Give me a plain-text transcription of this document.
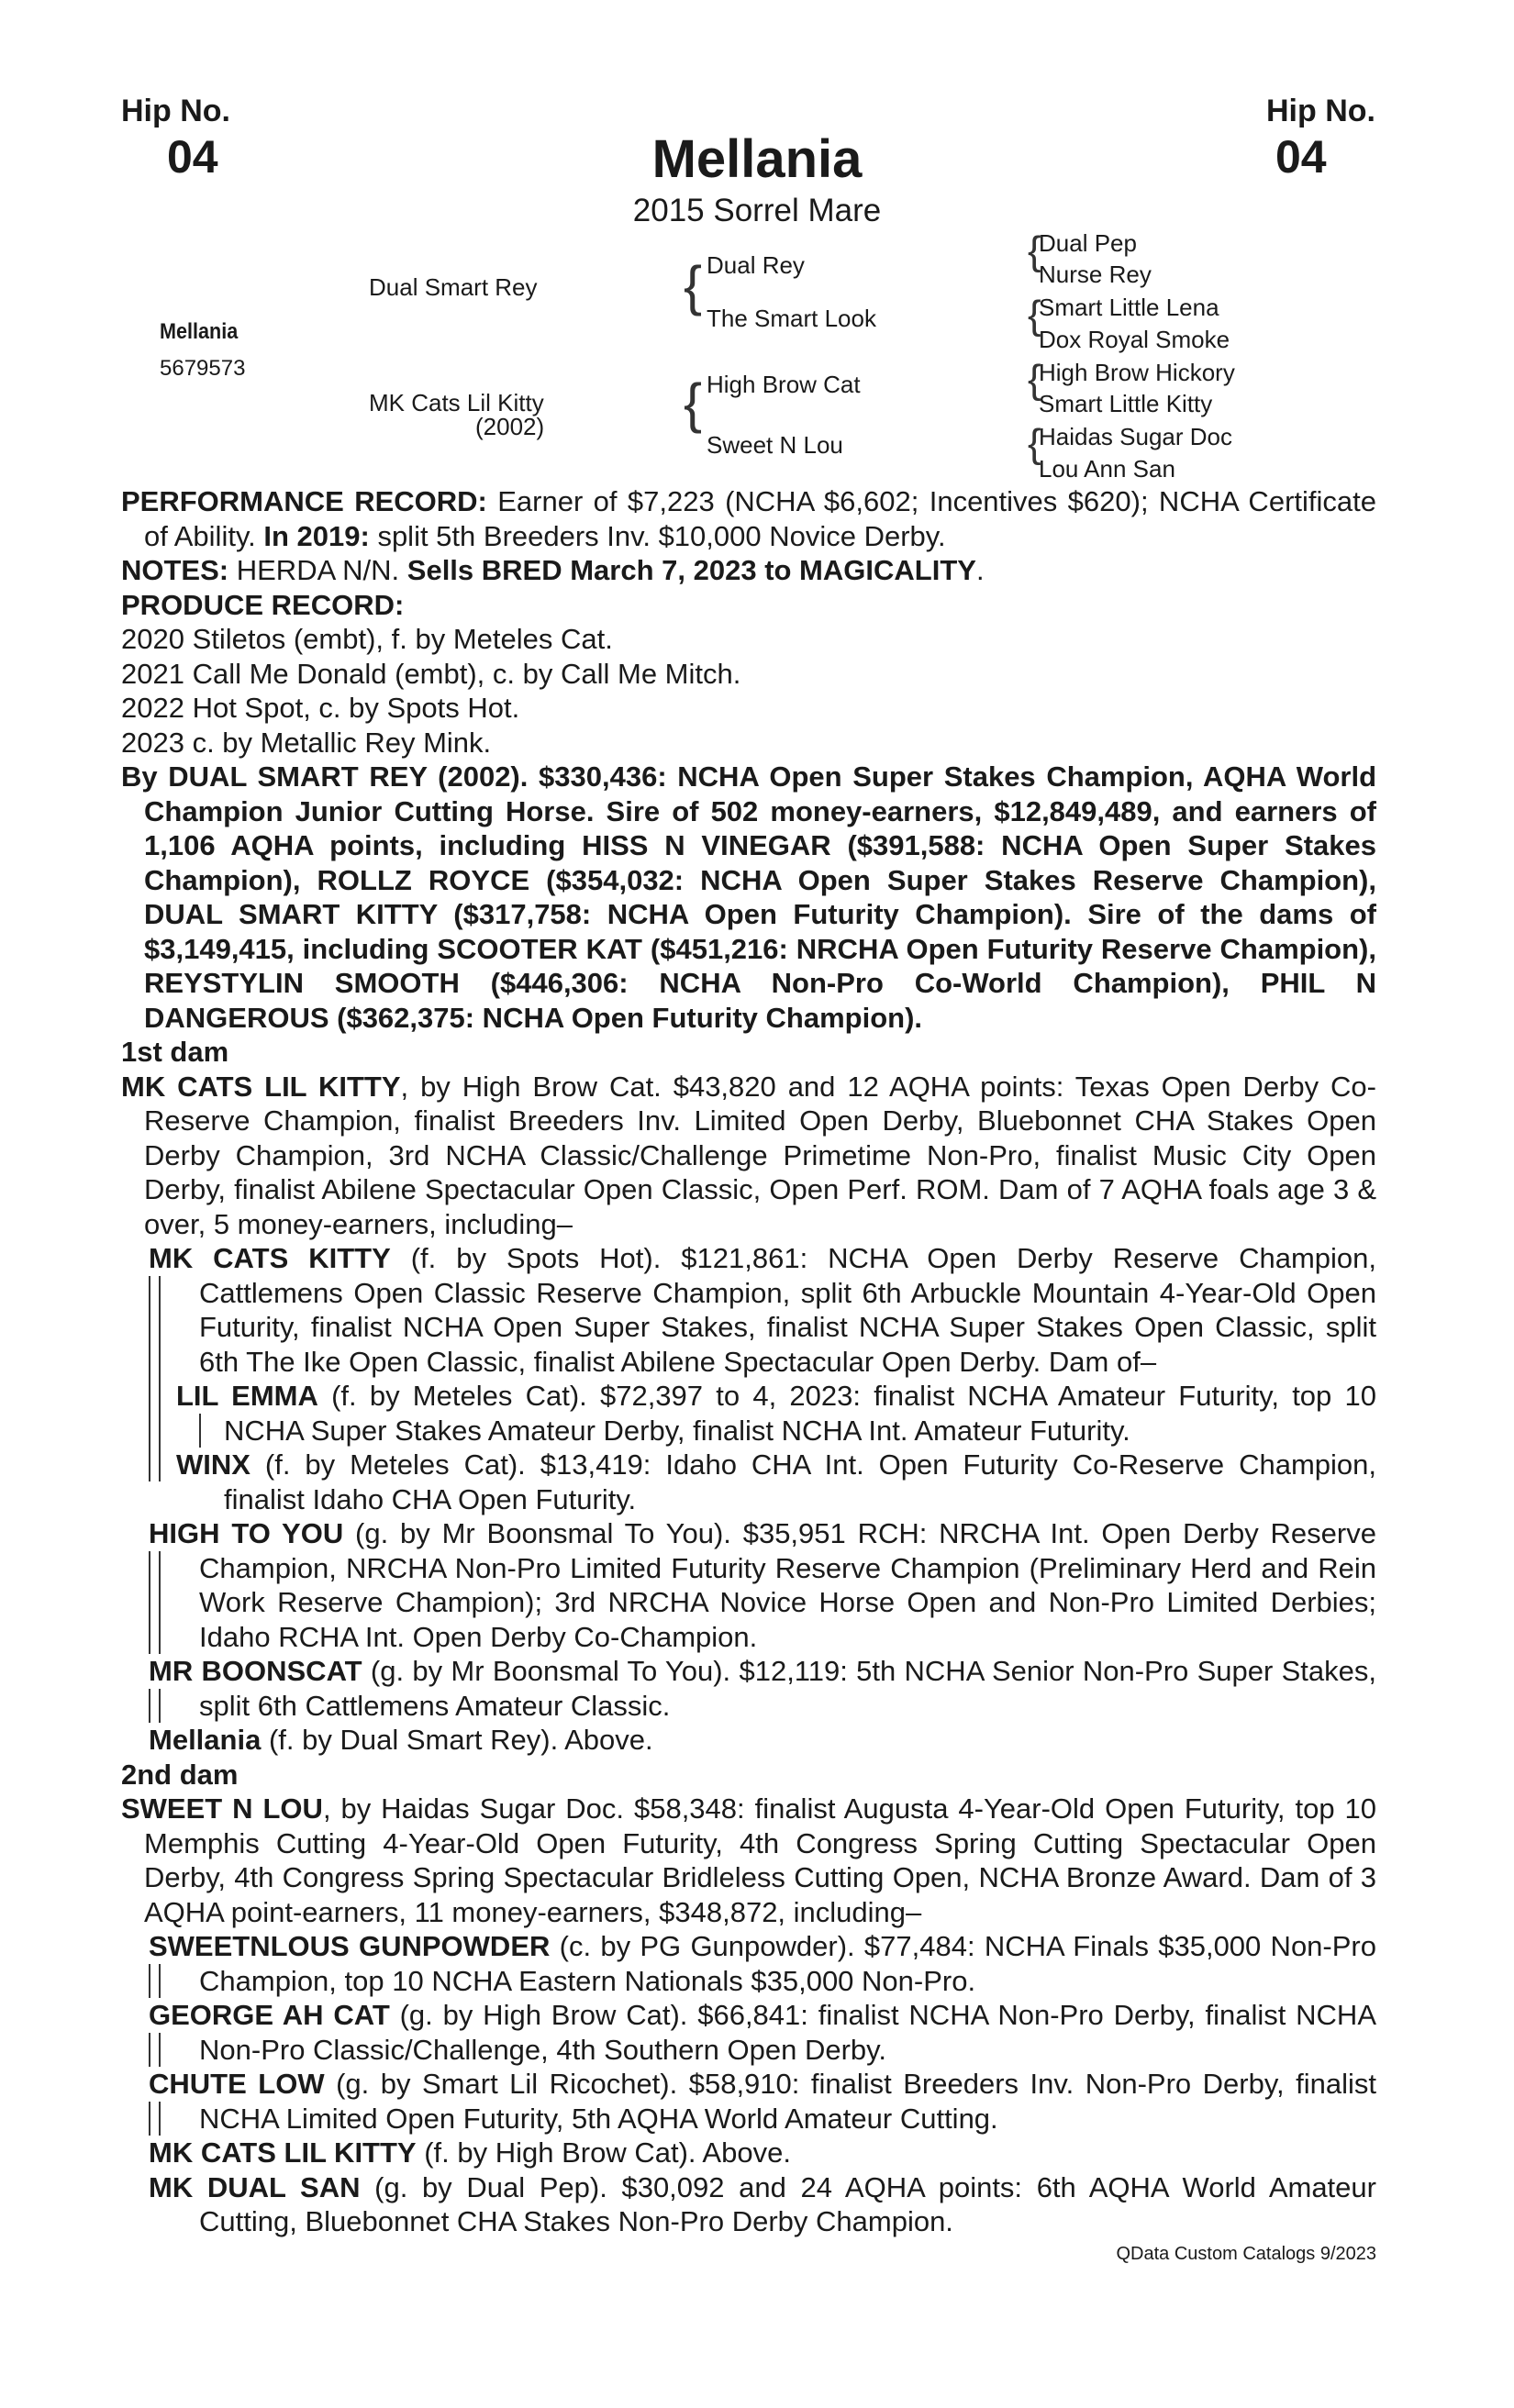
Hip No.
04
Hip No.
04
Mellania
2015 Sorrel Mare
Mellania
5679573
Dual Smart Rey
MK Cats Lil Kitty
(2002)
{ Dual Rey
The Smart Look
{ High Brow Cat
Sweet N Lou
{
Dual Pep
Nurse Rey
{
Smart Little Lena
Dox Royal Smoke
{
High Brow Hickory
Smart Little Kitty
{
Haidas Sugar Doc
Lou Ann San

PERFORMANCE RECORD: Earner of $7,223 (NCHA $6,602; Incentives $620); NCHA Certificate of Ability. In 2019: split 5th Breeders Inv. $10,000 Novice Derby.

NOTES: HERDA N/N. Sells BRED March 7, 2023 to MAGICALITY.

PRODUCE RECORD:

2020 Stiletos (embt), f. by Meteles Cat.

2021 Call Me Donald (embt), c. by Call Me Mitch.

2022 Hot Spot, c. by Spots Hot.

2023 c. by Metallic Rey Mink.

By DUAL SMART REY (2002). $330,436: NCHA Open Super Stakes Champion, AQHA World Champion Junior Cutting Horse. Sire of 502 money-earners, $12,849,489, and earners of 1,106 AQHA points, including HISS N VINEGAR ($391,588: NCHA Open Super Stakes Champion), ROLLZ ROYCE ($354,032: NCHA Open Super Stakes Reserve Champion), DUAL SMART KITTY ($317,758: NCHA Open Futurity Champion). Sire of the dams of $3,149,415, including SCOOTER KAT ($451,216: NRCHA Open Futurity Reserve Champion), REYSTYLIN SMOOTH ($446,306: NCHA Non-Pro Co-World Champion), PHIL N DANGEROUS ($362,375: NCHA Open Futurity Champion).

1st dam

MK CATS LIL KITTY, by High Brow Cat. $43,820 and 12 AQHA points: Texas Open Derby Co-Reserve Champion, finalist Breeders Inv. Limited Open Derby, Bluebonnet CHA Stakes Open Derby Champion, 3rd NCHA Classic/Challenge Primetime Non-Pro, finalist Music City Open Derby, finalist Abilene Spectacular Open Classic, Open Perf. ROM. Dam of 7 AQHA foals age 3 & over, 5 money-earners, including–

MK CATS KITTY (f. by Spots Hot). $121,861: NCHA Open Derby Reserve Champion, Cattlemens Open Classic Reserve Champion, split 6th Arbuckle Mountain 4-Year-Old Open Futurity, finalist NCHA Open Super Stakes, finalist NCHA Super Stakes Open Classic, split 6th The Ike Open Classic, finalist Abilene Spectacular Open Derby. Dam of–

LIL EMMA (f. by Meteles Cat). $72,397 to 4, 2023: finalist NCHA Amateur Futurity, top 10 NCHA Super Stakes Amateur Derby, finalist NCHA Int. Amateur Futurity.

WINX (f. by Meteles Cat). $13,419: Idaho CHA Int. Open Futurity Co-Reserve Champion, finalist Idaho CHA Open Futurity.

HIGH TO YOU (g. by Mr Boonsmal To You). $35,951 RCH: NRCHA Int. Open Derby Reserve Champion, NRCHA Non-Pro Limited Futurity Reserve Champion (Preliminary Herd and Rein Work Reserve Champion); 3rd NRCHA Novice Horse Open and Non-Pro Limited Derbies; Idaho RCHA Int. Open Derby Co-Champion.

MR BOONSCAT (g. by Mr Boonsmal To You). $12,119: 5th NCHA Senior Non-Pro Super Stakes, split 6th Cattlemens Amateur Classic.

Mellania (f. by Dual Smart Rey). Above.

2nd dam

SWEET N LOU, by Haidas Sugar Doc. $58,348: finalist Augusta 4-Year-Old Open Futurity, top 10 Memphis Cutting 4-Year-Old Open Futurity, 4th Congress Spring Cutting Spectacular Open Derby, 4th Congress Spring Spectacular Bridleless Cutting Open, NCHA Bronze Award. Dam of 3 AQHA point-earners, 11 money-earners, $348,872, including–

SWEETNLOUS GUNPOWDER (c. by PG Gunpowder). $77,484: NCHA Finals $35,000 Non-Pro Champion, top 10 NCHA Eastern Nationals $35,000 Non-Pro.

GEORGE AH CAT (g. by High Brow Cat). $66,841: finalist NCHA Non-Pro Derby, finalist NCHA Non-Pro Classic/Challenge, 4th Southern Open Derby.

CHUTE LOW (g. by Smart Lil Ricochet). $58,910: finalist Breeders Inv. Non-Pro Derby, finalist NCHA Limited Open Futurity, 5th AQHA World Amateur Cutting.

MK CATS LIL KITTY (f. by High Brow Cat). Above.

MK DUAL SAN (g. by Dual Pep). $30,092 and 24 AQHA points: 6th AQHA World Amateur Cutting, Bluebonnet CHA Stakes Non-Pro Derby Champion.

QData Custom Catalogs 9/2023
